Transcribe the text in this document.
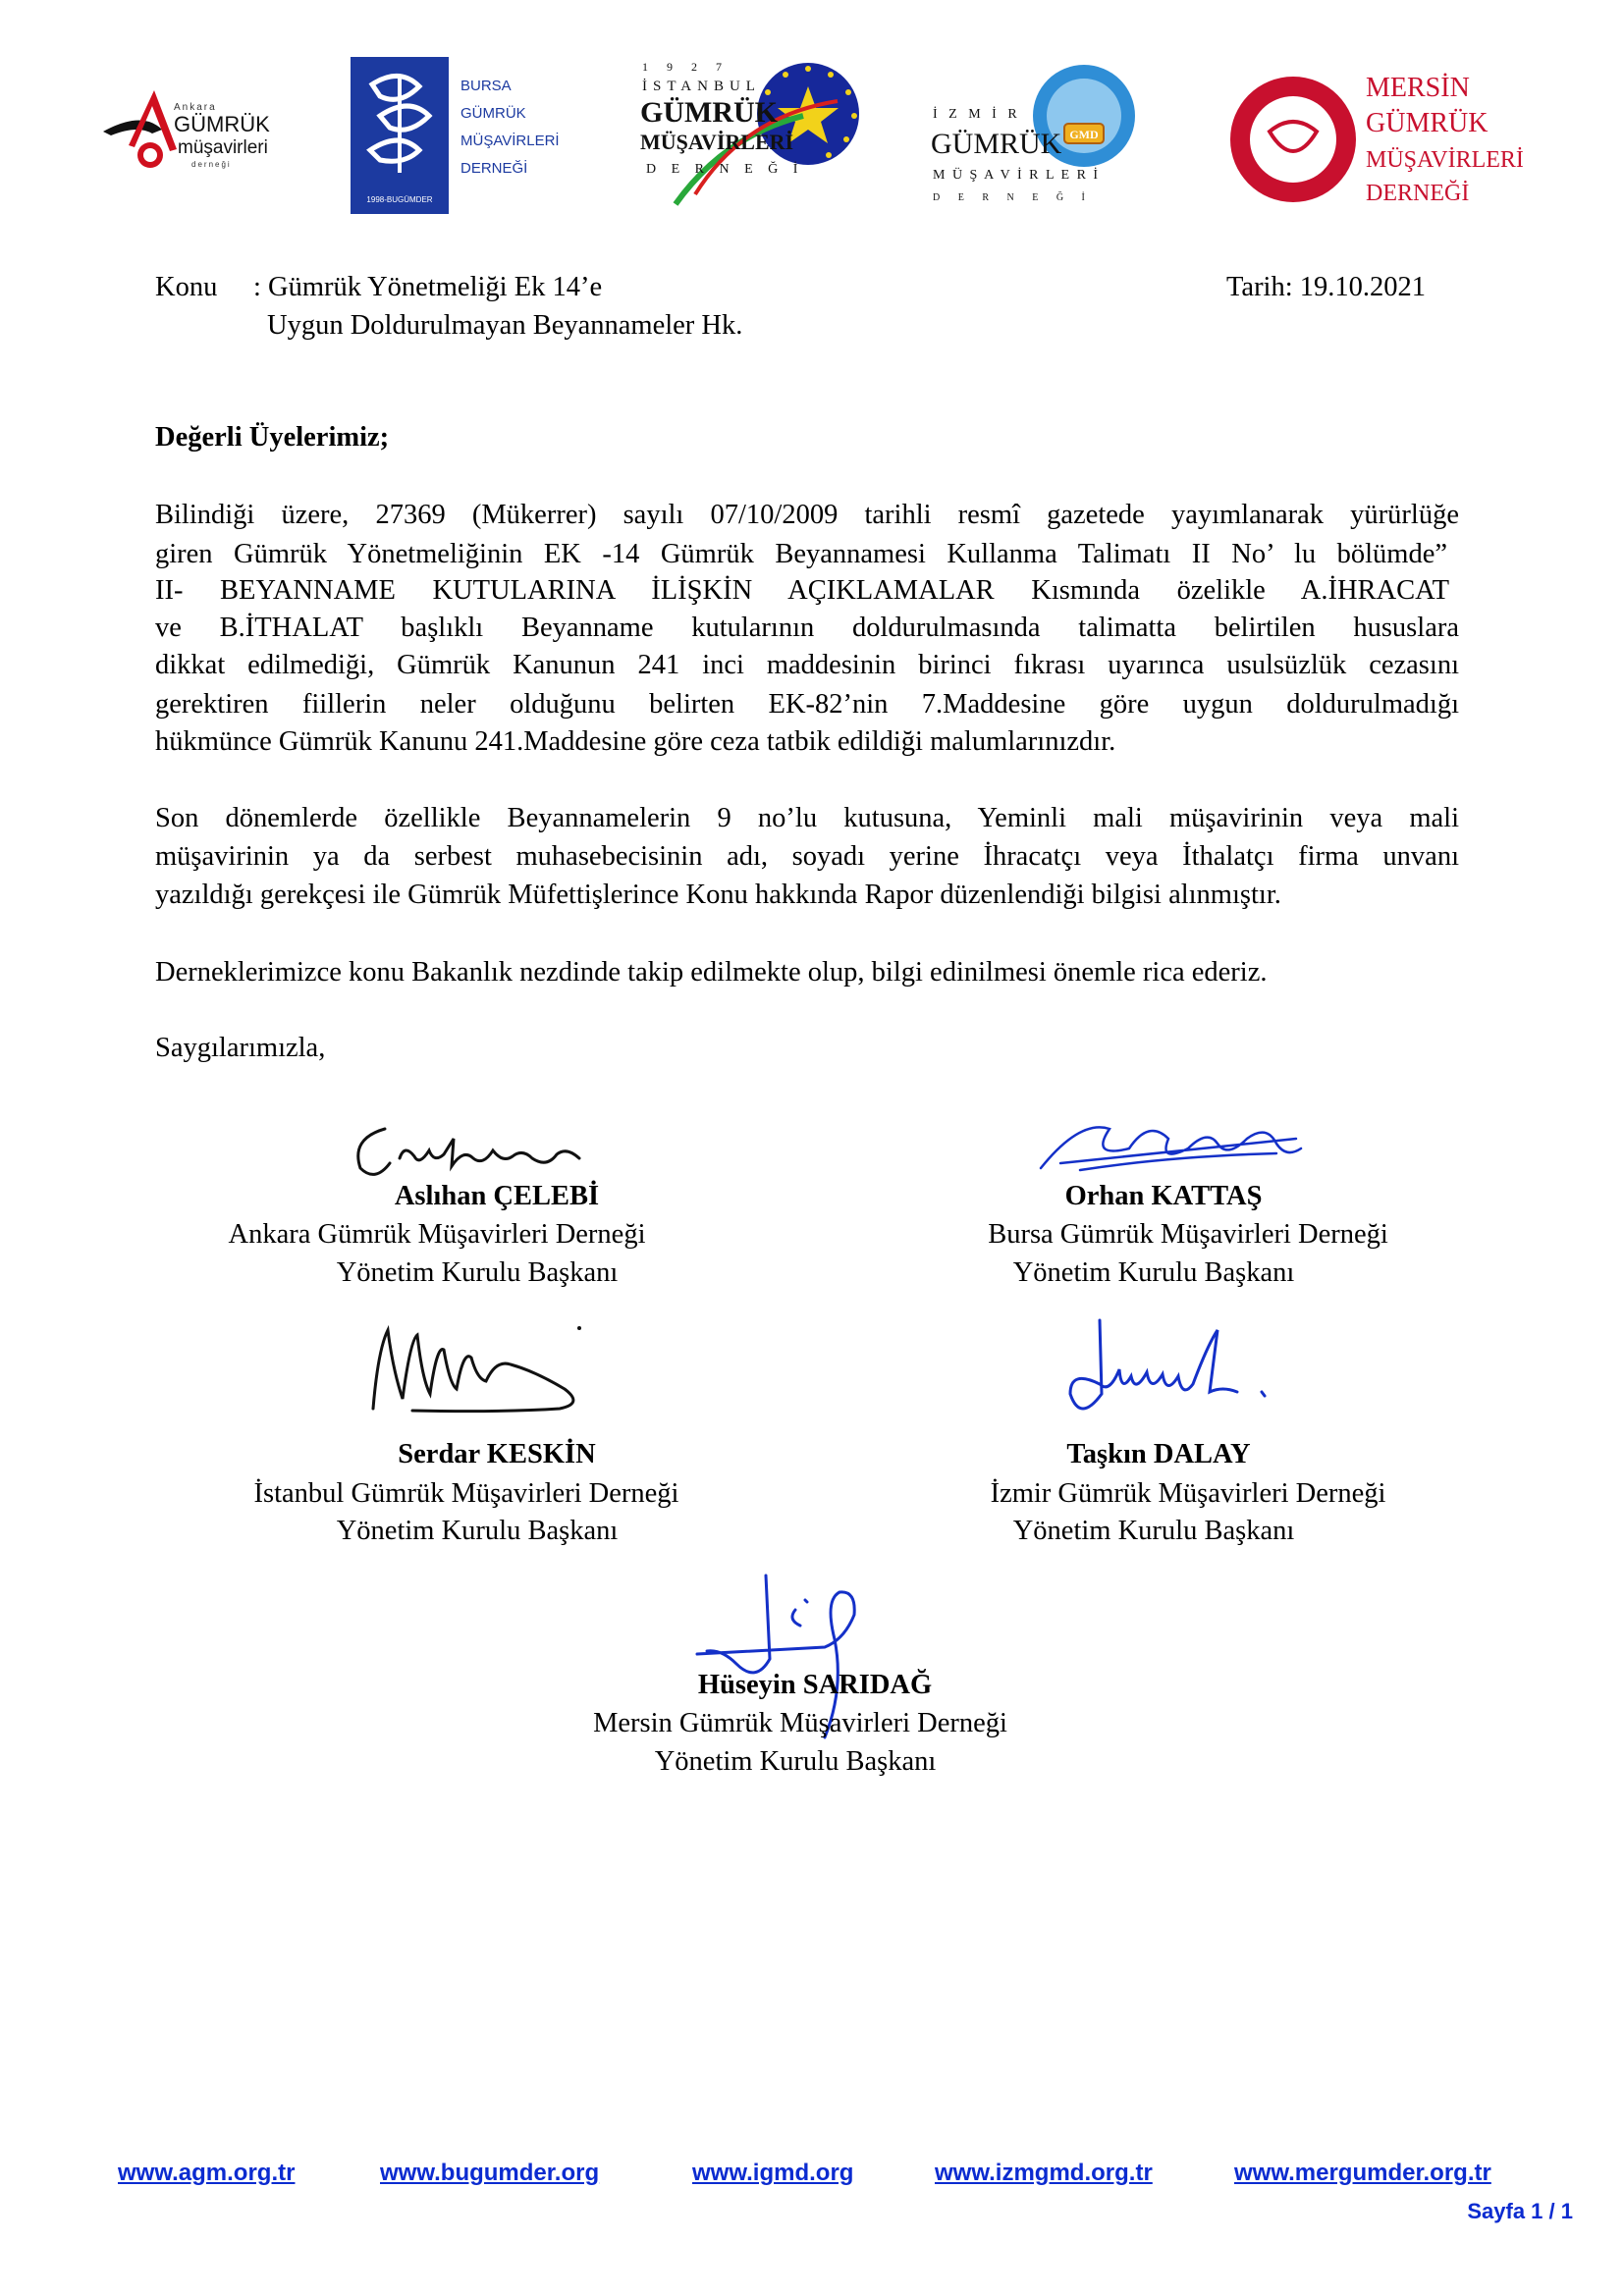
Ankara
GÜMRÜK
müşavirleri
derneği
1998-BUGÜMDER
BURSA
GÜMRÜK
MÜŞAVİRLERİ
DERNEĞİ
1 9 2 7
İSTANBUL
GÜMRÜK
MÜŞAVİRLERİ
D E R N E Ğ İ
GMD
İ Z M İ R
GÜMRÜK
M Ü Ş A V İ R L E R İ
D E R N E Ğ İ
MERSİN
GÜMRÜK
MÜŞAVİRLERİ
DERNEĞİ
Konu : Gümrük Yönetmeliği Ek 14’e
Uygun Doldurulmayan Beyannameler Hk.
Tarih: 19.10.2021
Değerli Üyelerimiz;
Bilindiği üzere, 27369 (Mükerrer) sayılı 07/10/2009 tarihli resmî gazetede yayımlanarak yürürlüğe
giren Gümrük Yönetmeliğinin EK -14 Gümrük Beyannamesi Kullanma Talimatı II No’ lu bölümde”
II- BEYANNAME KUTULARINA İLİŞKİN AÇIKLAMALAR Kısmında özelikle A.İHRACAT
ve B.İTHALAT başlıklı Beyanname kutularının doldurulmasında talimatta belirtilen hususlara
dikkat edilmediği, Gümrük Kanunun 241 inci maddesinin birinci fıkrası uyarınca usulsüzlük cezasını
gerektiren fiillerin neler olduğunu belirten EK-82’nin 7.Maddesine göre uygun doldurulmadığı
hükmünce Gümrük Kanunu 241.Maddesine göre ceza tatbik edildiği malumlarınızdır.
Son dönemlerde özellikle Beyannamelerin 9 no’lu kutusuna, Yeminli mali müşavirinin veya mali
müşavirinin ya da serbest muhasebecisinin adı, soyadı yerine İhracatçı veya İthalatçı firma unvanı
yazıldığı gerekçesi ile Gümrük Müfettişlerince Konu hakkında Rapor düzenlendiği bilgisi alınmıştır.
Derneklerimizce konu Bakanlık nezdinde takip edilmekte olup, bilgi edinilmesi önemle rica ederiz.
Saygılarımızla,
Aslıhan ÇELEBİ
Ankara Gümrük Müşavirleri Derneği
Yönetim Kurulu Başkanı
Orhan KATTAŞ
Bursa Gümrük Müşavirleri Derneği
Yönetim Kurulu Başkanı
Serdar KESKİN
İstanbul Gümrük Müşavirleri Derneği
Yönetim Kurulu Başkanı
Taşkın DALAY
İzmir Gümrük Müşavirleri Derneği
Yönetim Kurulu Başkanı
Hüseyin SARIDAĞ
Mersin Gümrük Müşavirleri Derneği
Yönetim Kurulu Başkanı
www.agm.org.tr	www.bugumder.org	www.igmd.org	www.izmgmd.org.tr	www.mergumder.org.tr
Sayfa 1 / 1
